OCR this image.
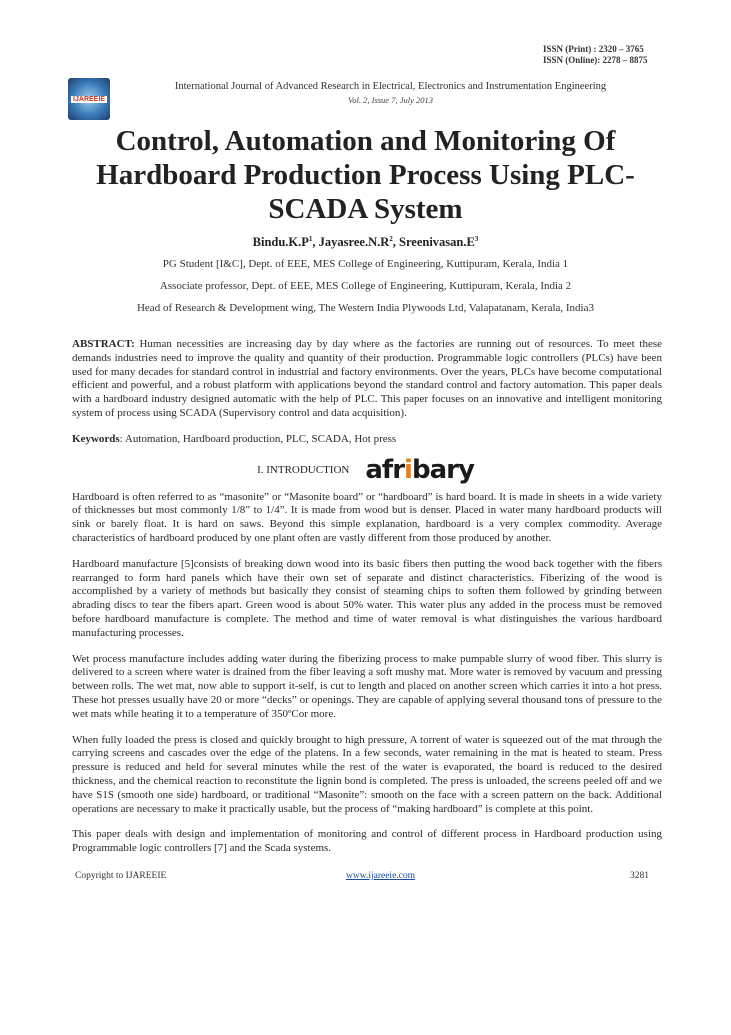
ISSN (Print) : 2320 – 3765
ISSN (Online): 2278 – 8875
IJAREEIE
International Journal of Advanced Research in Electrical, Electronics and Instrumentation Engineering
Vol. 2, Issue 7, July 2013
Control, Automation and Monitoring Of Hardboard Production Process Using PLC-SCADA System
$Bindu.K.P^1$, $Jayasree.N.R^2$, $Sreenivasan.E^3$
PG Student [I&C], Dept. of EEE, MES College of Engineering, Kuttipuram, Kerala, India 1
Associate professor, Dept. of EEE, MES College of Engineering, Kuttipuram, Kerala, India 2
Head of Research & Development wing, The Western India Plywoods Ltd, Valapatanam, Kerala, India3
ABSTRACT: Human necessities are increasing day by day where as the factories are running out of resources. To meet these demands industries need to improve the quality and quantity of their production. Programmable logic controllers (PLCs) have been used for many decades for standard control in industrial and factory environments. Over the years, PLCs have become computational efficient and powerful, and a robust platform with applications beyond the standard control and factory automation. This paper deals with a hardboard industry designed automatic with the help of PLC. This paper focuses on an innovative and intelligent monitoring system of process using SCADA (Supervisory control and data acquisition).
Keywords: Automation, Hardboard production, PLC, SCADA, Hot press
I. INTRODUCTION afribary
Hardboard is often referred to as “masonite” or “Masonite board” or “hardboard” is hard board. It is made in sheets in a wide variety of thicknesses but most commonly 1/8” to 1/4”. It is made from wood but is denser. Placed in water many hardboard products will sink or barely float. It is hard on saws. Beyond this simple explanation, hardboard is a very complex commodity. Average characteristics of hardboard produced by one plant often are vastly different from those produced by another.
Hardboard manufacture [5]consists of breaking down wood into its basic fibers then putting the wood back together with the fibers rearranged to form hard panels which have their own set of separate and distinct characteristics. Fiberizing of the wood is accomplished by a variety of methods but basically they consist of steaming chips to soften them followed by grinding between abrading discs to tear the fibers apart. Green wood is about 50% water. This water plus any added in the process must be removed before hardboard manufacture is complete. The method and time of water removal is what distinguishes the various hardboard manufacturing processes.
Wet process manufacture includes adding water during the fiberizing process to make pumpable slurry of wood fiber. This slurry is delivered to a screen where water is drained from the fiber leaving a soft mushy mat. More water is removed by vacuum and pressing between rolls. The wet mat, now able to support it-self, is cut to length and placed on another screen which carries it into a hot press. These hot presses usually have 20 or more “decks” or openings. They are capable of applying several thousand tons of pressure to the wet mats while heating it to a temperature of 350ºCor more.
When fully loaded the press is closed and quickly brought to high pressure, A torrent of water is squeezed out of the mat through the carrying screens and cascades over the edge of the platens. In a few seconds, water remaining in the mat is heated to steam. Press pressure is reduced and held for several minutes while the rest of the water is evaporated, the board is reduced to the desired thickness, and the chemical reaction to reconstitute the lignin bond is completed. The press is unloaded, the screens peeled off and we have S1S (smooth one side) hardboard, or traditional “Masonite”: smooth on the face with a screen pattern on the back. Additional operations are necessary to make it practically usable, but the process of “making hardboard” is complete at this point.
This paper deals with design and implementation of monitoring and control of different process in Hardboard production using Programmable logic controllers [7] and the Scada systems.
Copyright to IJAREEIE	www.ijareeie.com	3281
